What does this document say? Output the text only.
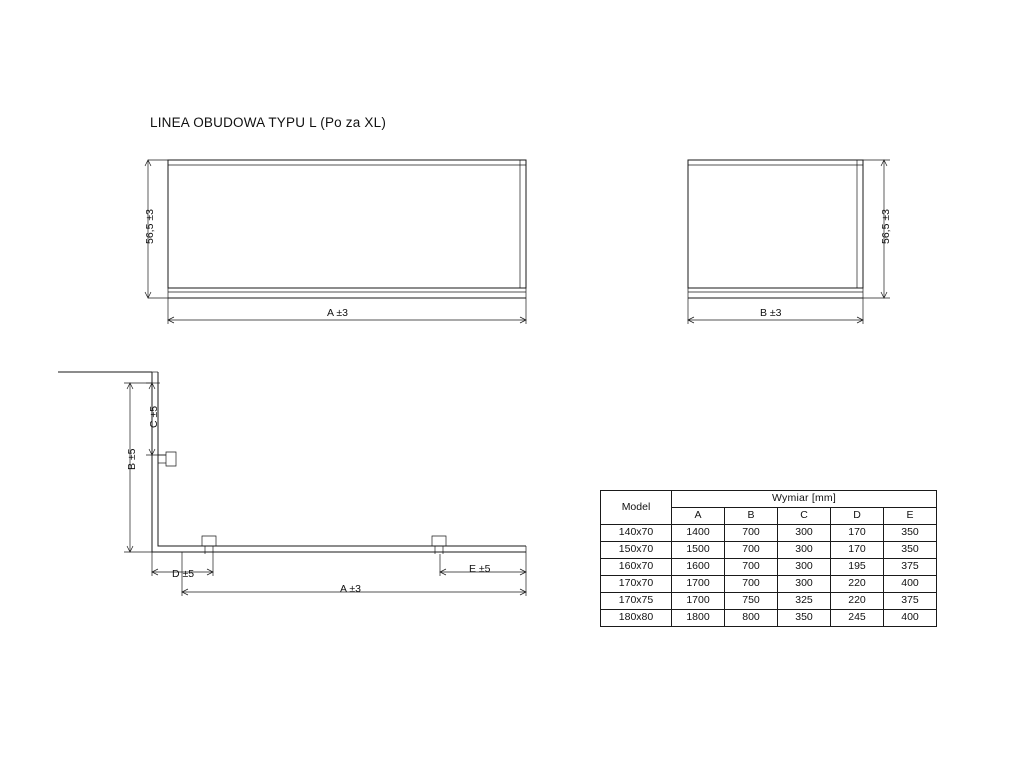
LINEA OBUDOWA TYPU L (Po za XL)
56,5 ±3
A ±3
56,5 ±3
B ±3
C ±5
B ±5
D ±5	E ±5
A ±3
Model	Wymiar [mm]				
	A	B	C	D	E
140x70	1400	700	300	170	350
150x70	1500	700	300	170	350
160x70	1600	700	300	195	375
170x70	1700	700	300	220	400
170x75	1700	750	325	220	375
180x80	1800	800	350	245	400
